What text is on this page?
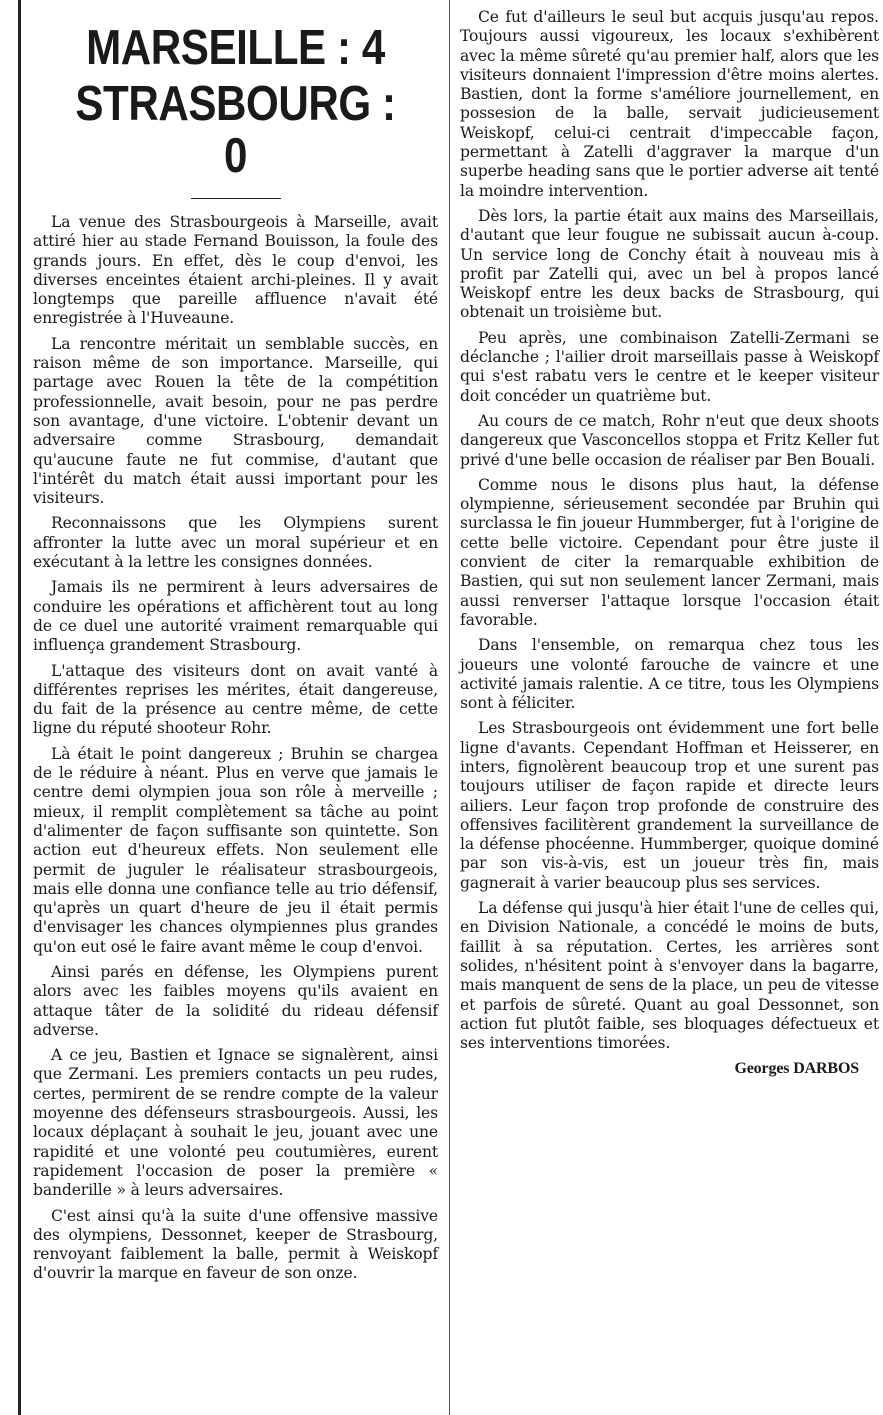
MARSEILLE : 4
STRASBOURG : 0

La venue des Strasbourgeois à Marseille, avait attiré hier au stade Fernand Bouisson, la foule des grands jours. En effet, dès le coup d'envoi, les diverses enceintes étaient archi-pleines. Il y avait longtemps que pareille affluence n'avait été enregistrée à l'Huveaune.

La rencontre méritait un semblable succès, en raison même de son importance. Marseille, qui partage avec Rouen la tête de la compétition professionnelle, avait besoin, pour ne pas perdre son avantage, d'une victoire. L'obtenir devant un adversaire comme Strasbourg, demandait qu'aucune faute ne fut commise, d'autant que l'intérêt du match était aussi important pour les visiteurs.

Reconnaissons que les Olympiens surent affronter la lutte avec un moral supérieur et en exécutant à la lettre les consignes données.

Jamais ils ne permirent à leurs adversaires de conduire les opérations et affichèrent tout au long de ce duel une autorité vraiment remarquable qui influença grandement Strasbourg.

L'attaque des visiteurs dont on avait vanté à différentes reprises les mérites, était dangereuse, du fait de la présence au centre même, de cette ligne du réputé shooteur Rohr.

Là était le point dangereux ; Bruhin se chargea de le réduire à néant. Plus en verve que jamais le centre demi olympien joua son rôle à merveille ; mieux, il remplit complètement sa tâche au point d'alimenter de façon suffisante son quintette. Son action eut d'heureux effets. Non seulement elle permit de juguler le réalisateur strasbourgeois, mais elle donna une confiance telle au trio défensif, qu'après un quart d'heure de jeu il était permis d'envisager les chances olympiennes plus grandes qu'on eut osé le faire avant même le coup d'envoi.

Ainsi parés en défense, les Olympiens purent alors avec les faibles moyens qu'ils avaient en attaque tâter de la solidité du rideau défensif adverse.

A ce jeu, Bastien et Ignace se signalèrent, ainsi que Zermani. Les premiers contacts un peu rudes, certes, permirent de se rendre compte de la valeur moyenne des défenseurs strasbourgeois. Aussi, les locaux déplaçant à souhait le jeu, jouant avec une rapidité et une volonté peu coutumières, eurent rapidement l'occasion de poser la première « banderille » à leurs adversaires.

C'est ainsi qu'à la suite d'une offensive massive des olympiens, Dessonnet, keeper de Strasbourg, renvoyant faiblement la balle, permit à Weiskopf d'ouvrir la marque en faveur de son onze.

Ce fut d'ailleurs le seul but acquis jusqu'au repos. Toujours aussi vigoureux, les locaux s'exhibèrent avec la même sûreté qu'au premier half, alors que les visiteurs donnaient l'impression d'être moins alertes. Bastien, dont la forme s'améliore journellement, en possesion de la balle, servait judicieusement Weiskopf, celui-ci centrait d'impeccable façon, permettant à Zatelli d'aggraver la marque d'un superbe heading sans que le portier adverse ait tenté la moindre intervention.

Dès lors, la partie était aux mains des Marseillais, d'autant que leur fougue ne subissait aucun à-coup. Un service long de Conchy était à nouveau mis à profit par Zatelli qui, avec un bel à propos lancé Weiskopf entre les deux backs de Strasbourg, qui obtenait un troisième but.

Peu après, une combinaison Zatelli-Zermani se déclanche ; l'ailier droit marseillais passe à Weiskopf qui s'est rabatu vers le centre et le keeper visiteur doit concéder un quatrième but.

Au cours de ce match, Rohr n'eut que deux shoots dangereux que Vasconcellos stoppa et Fritz Keller fut privé d'une belle occasion de réaliser par Ben Bouali.

Comme nous le disons plus haut, la défense olympienne, sérieusement secondée par Bruhin qui surclassa le fin joueur Hummberger, fut à l'origine de cette belle victoire. Cependant pour être juste il convient de citer la remarquable exhibition de Bastien, qui sut non seulement lancer Zermani, mais aussi renverser l'attaque lorsque l'occasion était favorable.

Dans l'ensemble, on remarqua chez tous les joueurs une volonté farouche de vaincre et une activité jamais ralentie. A ce titre, tous les Olympiens sont à féliciter.

Les Strasbourgeois ont évidemment une fort belle ligne d'avants. Cependant Hoffman et Heisserer, en inters, fignolèrent beaucoup trop et une surent pas toujours utiliser de façon rapide et directe leurs ailiers. Leur façon trop profonde de construire des offensives facilitèrent grandement la surveillance de la défense phocéenne. Hummberger, quoique dominé par son vis-à-vis, est un joueur très fin, mais gagnerait à varier beaucoup plus ses services.

La défense qui jusqu'à hier était l'une de celles qui, en Division Nationale, a concédé le moins de buts, faillit à sa réputation. Certes, les arrières sont solides, n'hésitent point à s'envoyer dans la bagarre, mais manquent de sens de la place, un peu de vitesse et parfois de sûreté. Quant au goal Dessonnet, son action fut plutôt faible, ses bloquages défectueux et ses interventions timorées.

Georges DARBOS
